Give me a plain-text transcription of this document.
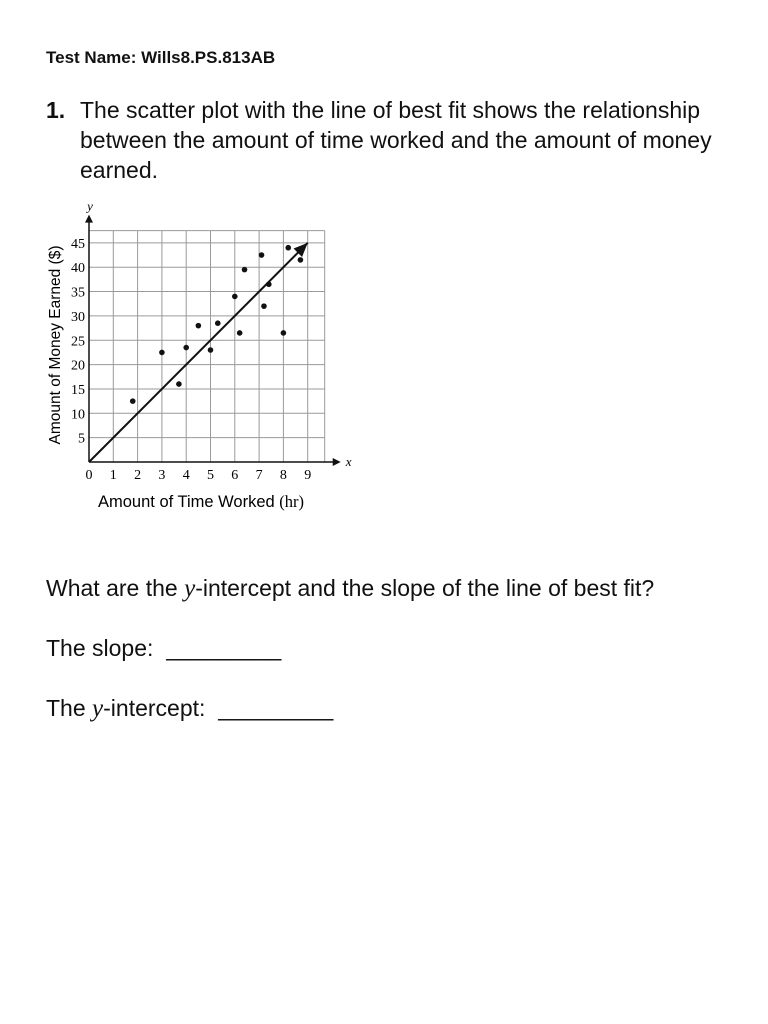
Test Name: Wills8.PS.813AB
1. The scatter plot with the line of best fit shows the relationship between the amount of time worked and the amount of money earned.
y
x
0 1 2 3 4 5 6 7 8 9
5
10
15
20
25
30
35
40
45
Amount of Money Earned ($)
Amount of Time Worked (hr)
What are the y-intercept and the slope of the line of best fit?
The slope: _________
The y-intercept: _________
